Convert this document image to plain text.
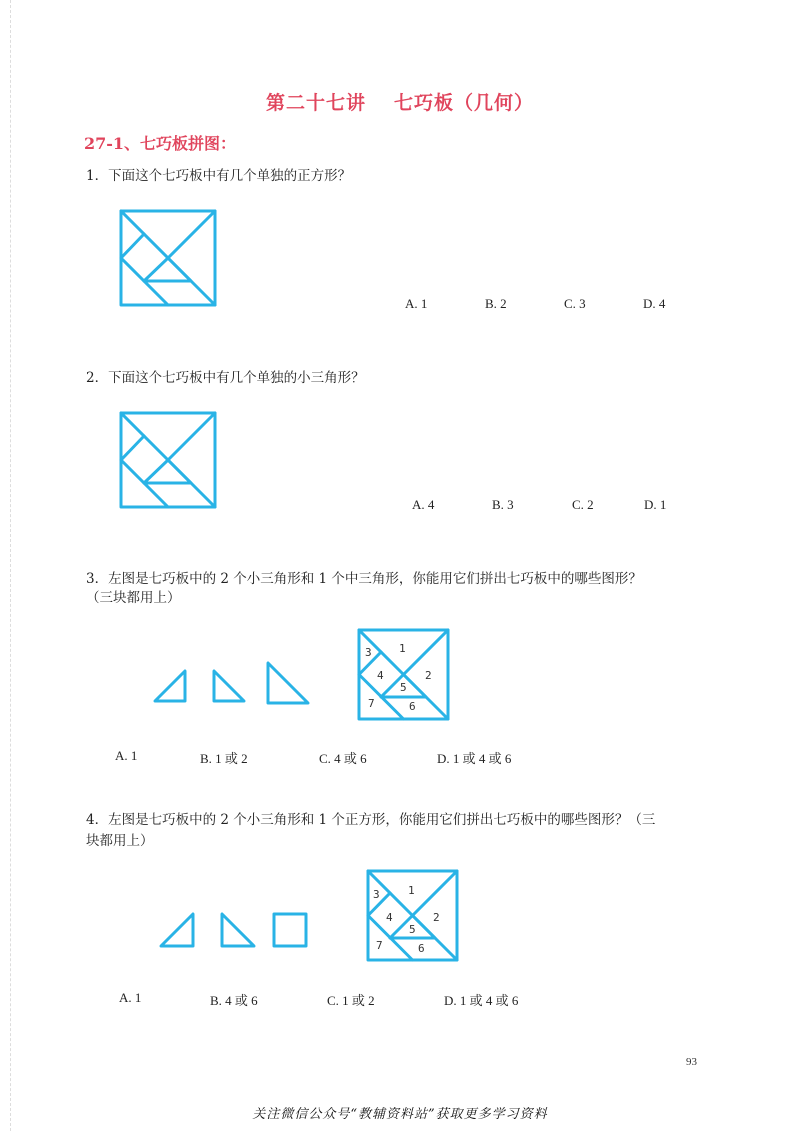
第二十七讲 七巧板（几何）
27-1、七巧板拼图：
1．下面这个七巧板中有几个单独的正方形？
A. 1	B. 2	C. 3	D. 4
2．下面这个七巧板中有几个单独的小三角形？
A. 4	B. 3	C. 2	D. 1
3．左图是七巧板中的 2 个小三角形和 1 个中三角形，你能用它们拼出七巧板中的哪些图形？
（三块都用上）
3 1
4	2
5
7	6
A. 1	B. 1 或 2	C. 4 或 6	D. 1 或 4 或 6
4．左图是七巧板中的 2 个小三角形和 1 个正方形，你能用它们拼出七巧板中的哪些图形？（三
块都用上）
3	1
4	2
5
7	6
A. 1	B. 4 或 6	C. 1 或 2	D. 1 或 4 或 6
93
关注微信公众号“教辅资料站”获取更多学习资料
